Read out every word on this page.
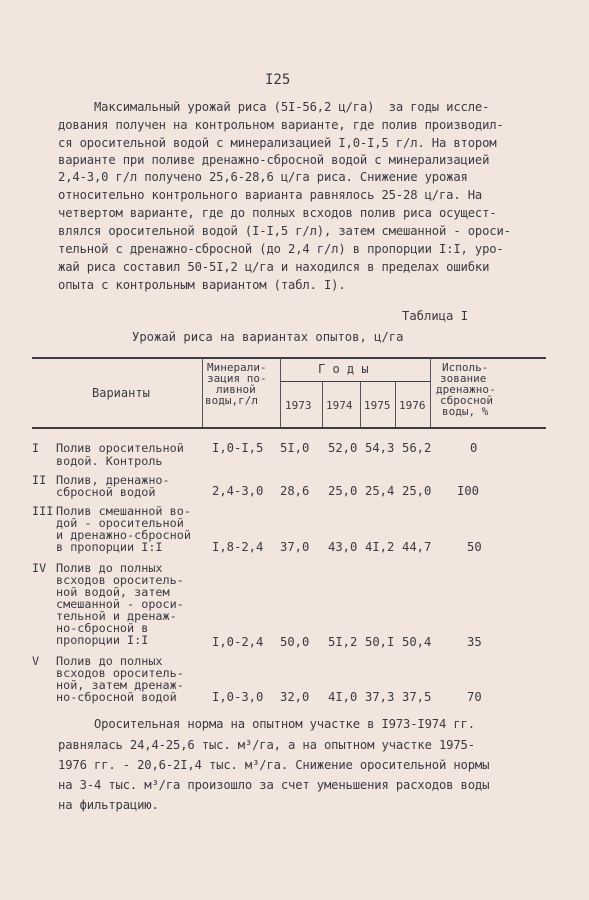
I25
Максимальный урожай риса (5I-56,2 ц/га)  за годы иссле-
дования получен на контрольном варианте, где полив производил-
ся оросительной водой с минерализацией I,0-I,5 г/л. На втором
варианте при поливе дренажно-сбросной водой с минерализацией
2,4-3,0 г/л получено 25,6-28,6 ц/га риса. Снижение урожая
относительно контрольного варианта равнялось 25-28 ц/га. На
четвертом варианте, где до полных всходов полив риса осущест-
влялся оросительной водой (I-I,5 г/л), затем смешанной - ороси-
тельной с дренажно-сбросной (до 2,4 г/л) в пропорции I:I, уро-
жай риса составил 50-5I,2 ц/га и находился в пределах ошибки
опыта с контрольным вариантом (табл. I).
Таблица I
Урожай риса на вариантах опытов, ц/га
Варианты
Минерали-
зация по-
ливной
воды,г/л
Г о д ы
1973 1974 1975 1976
Исполь-
зование
дренажно-
сбросной
воды, %
I Полив оросительной
водой. Контроль
I,0-I,5 5I,0 52,0 54,3 56,2	0
II Полив, дренажно-
сбросной водой	2,4-3,0 28,6 25,0 25,4 25,0 I00
III Полив смешанной во-
дой - оросительной
и дренажно-сбросной
в пропорции I:I	I,8-2,4 37,0 43,0 4I,2 44,7	50
IV Полив до полных
всходов ороситель-
ной водой, затем
смешанной - ороси-
тельной и дренаж-
но-сбросной в
пропорции I:I	I,0-2,4 50,0 5I,2 50,I 50,4	35
V Полив до полных
всходов ороситель-
ной, затем дренаж-
но-сбросной водой	I,0-3,0 32,0 4I,0 37,3 37,5	70
Оросительная норма на опытном участке в I973-I974 гг.
равнялась 24,4-25,6 тыс. м³/га, а на опытном участке 1975-
1976 гг. - 20,6-2I,4 тыс. м³/га. Снижение оросительной нормы
на 3-4 тыс. м³/га произошло за счет уменьшения расходов воды
на фильтрацию.
